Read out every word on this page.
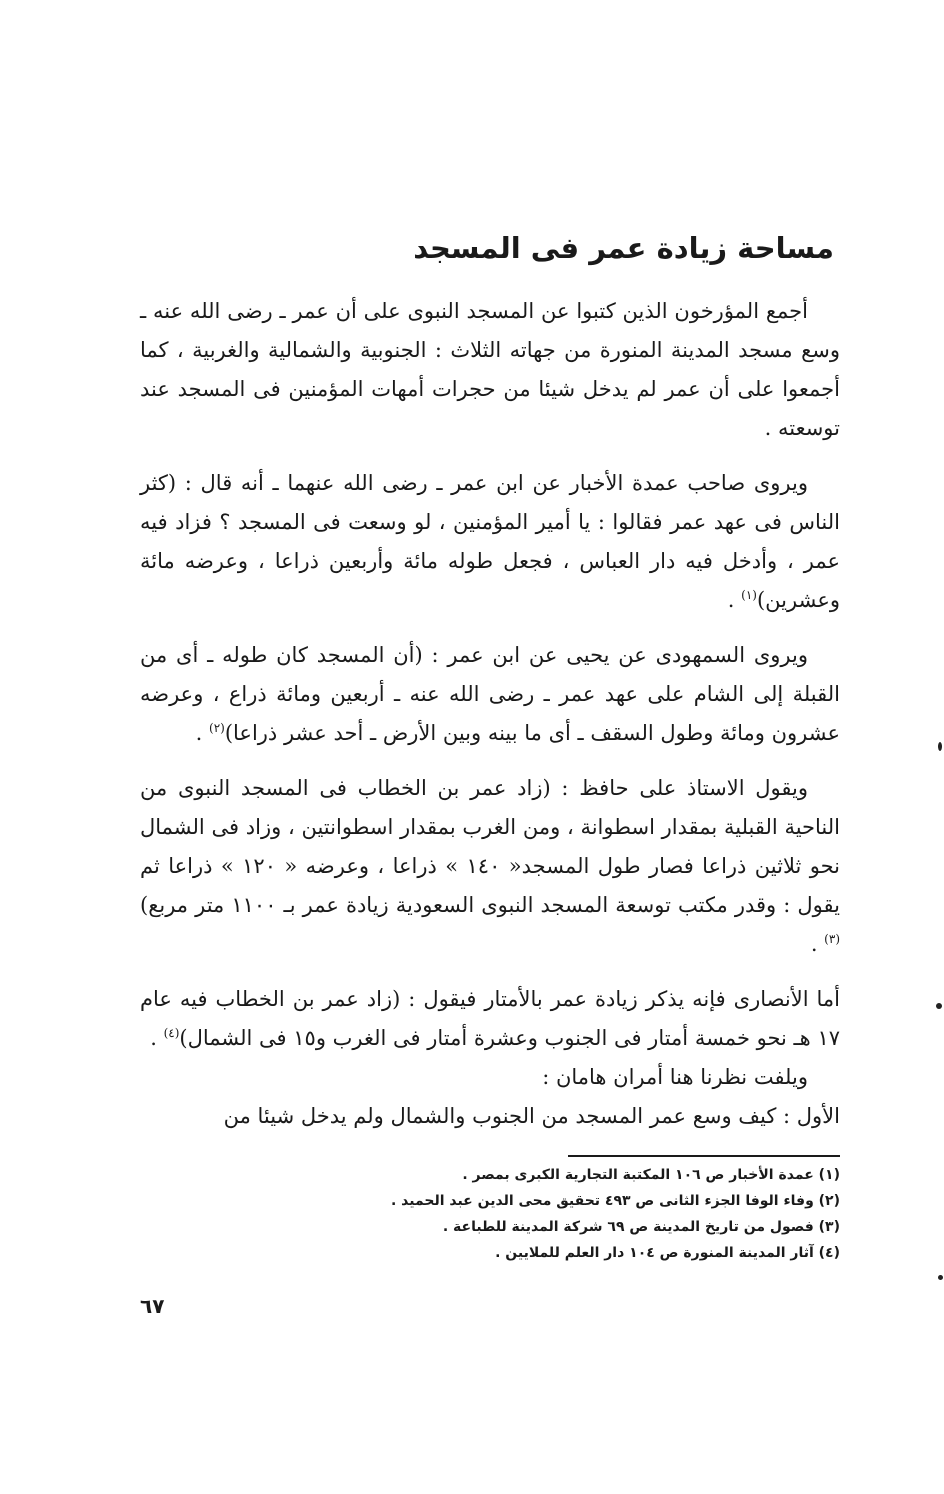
مساحة زيادة عمر فى المسجد

أجمع المؤرخون الذين كتبوا عن المسجد النبوى على أن عمر ـ رضى الله عنه ـ وسع مسجد المدينة المنورة من جهاته الثلاث : الجنوبية والشمالية والغربية ، كما أجمعوا على أن عمر لم يدخل شيئا من حجرات أمهات المؤمنين فى المسجد عند توسعته .

ويروى صاحب عمدة الأخبار عن ابن عمر ـ رضى الله عنهما ـ أنه قال : (كثر الناس فى عهد عمر فقالوا : يا أمير المؤمنين ، لو وسعت فى المسجد ؟ فزاد فيه عمر ، وأدخل فيه دار العباس ، فجعل طوله مائة وأربعين ذراعا ، وعرضه مائة وعشرين)$^{(١)}$ .

ويروى السمهودى عن يحيى عن ابن عمر : (أن المسجد كان طوله ـ أى من القبلة إلى الشام على عهد عمر ـ رضى الله عنه ـ أربعين ومائة ذراع ، وعرضه عشرون ومائة وطول السقف ـ أى ما بينه وبين الأرض ـ أحد عشر ذراعا)$^{(٢)}$ .

ويقول الاستاذ على حافظ : (زاد عمر بن الخطاب فى المسجد النبوى من الناحية القبلية بمقدار اسطوانة ، ومن الغرب بمقدار اسطوانتين ، وزاد فى الشمال نحو ثلاثين ذراعا فصار طول المسجد« ١٤٠ » ذراعا ، وعرضه « ١٢٠ » ذراعا ثم يقول : وقدر مكتب توسعة المسجد النبوى السعودية زيادة عمر بـ ١١٠٠ متر مربع)$^{(٣)}$ .

أما الأنصارى فإنه يذكر زيادة عمر بالأمتار فيقول : (زاد عمر بن الخطاب فيه عام ١٧ هـ نحو خمسة أمتار فى الجنوب وعشرة أمتار فى الغرب و١٥ فى الشمال)$^{(٤)}$ .

ويلفت نظرنا هنا أمران هامان :

الأول : كيف وسع عمر المسجد من الجنوب والشمال ولم يدخل شيئا من

(١) عمدة الأخبار ص ١٠٦ المكتبة التجارية الكبرى بمصر .
(٢) وفاء الوفا الجزء الثانى ص ٤٩٣ تحقيق محى الدين عبد الحميد .
(٣) فصول من تاريخ المدينة ص ٦٩ شركة المدينة للطباعة .
(٤) آثار المدينة المنورة ص ١٠٤ دار العلم للملايين .
٦٧
